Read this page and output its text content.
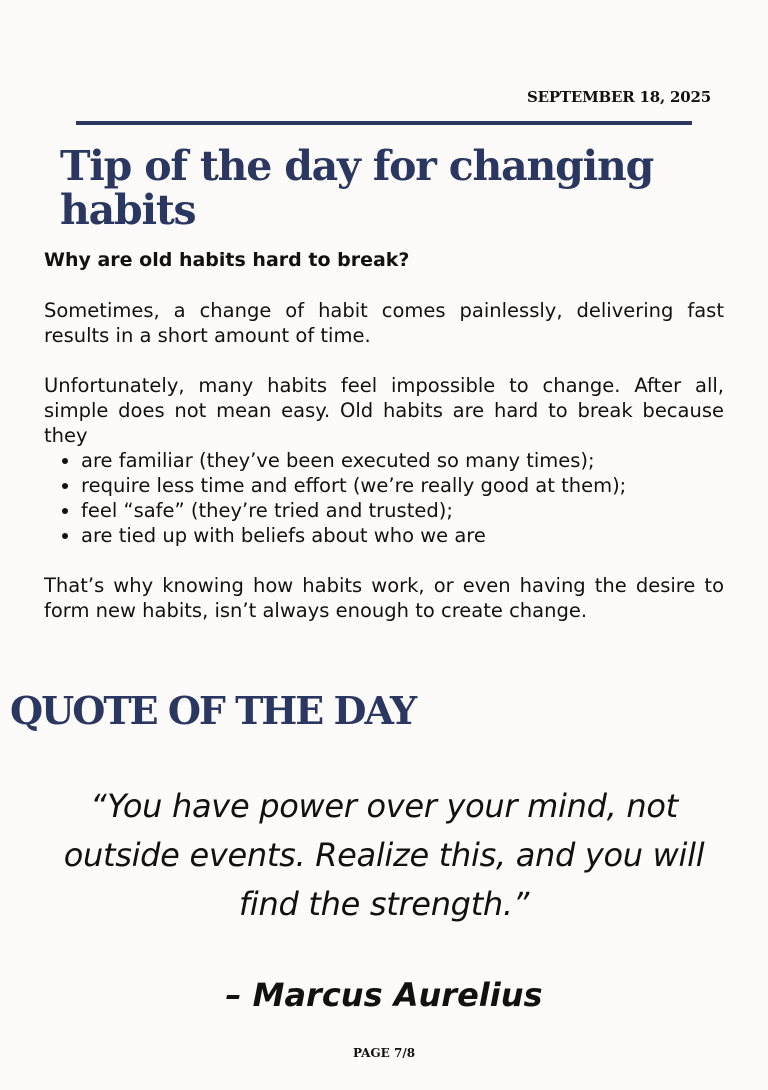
SEPTEMBER 18, 2025
Tip of the day for changing habits
Why are old habits hard to break?

Sometimes, a change of habit comes painlessly, delivering fast results in a short amount of time.

Unfortunately, many habits feel impossible to change. After all, simple does not mean easy. Old habits are hard to break because they

• are familiar (they’ve been executed so many times);
• require less time and effort (we’re really good at them);
• feel “safe” (they’re tried and trusted);
• are tied up with beliefs about who we are

That’s why knowing how habits work, or even having the desire to form new habits, isn’t always enough to create change.

QUOTE OF THE DAY

“You have power over your mind, not outside events. Realize this, and you will find the strength.”

– Marcus Aurelius
PAGE 7/8
